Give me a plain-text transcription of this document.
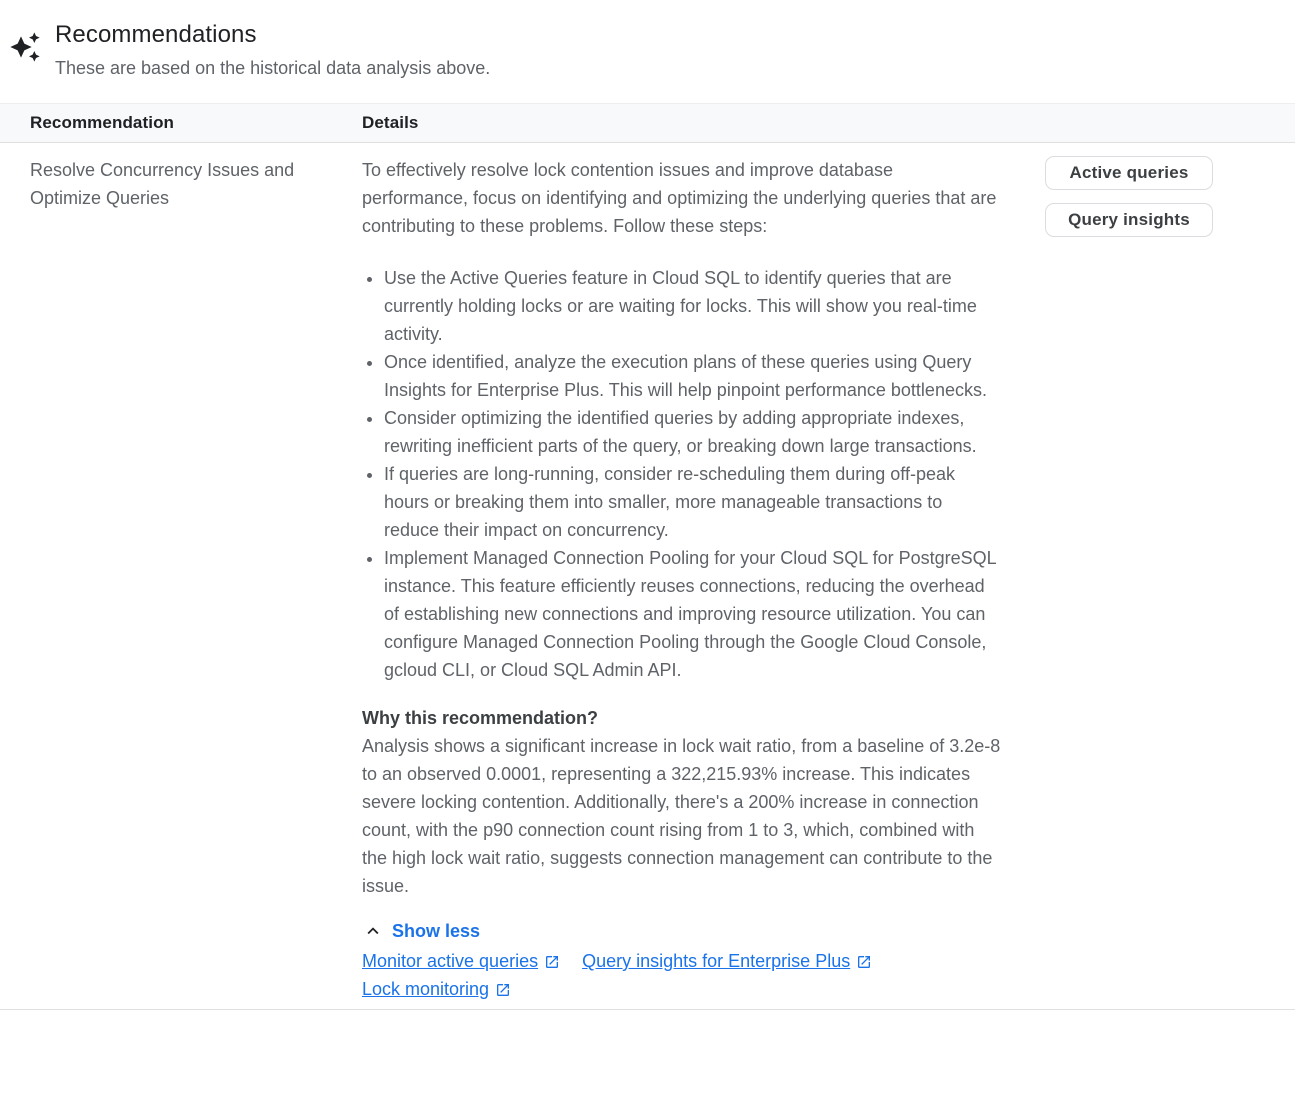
Recommendations

These are based on the historical data analysis above.

Recommendation	Details
Resolve Concurrency Issues and Optimize Queries

To effectively resolve lock contention issues and improve database performance, focus on identifying and optimizing the underlying queries that are contributing to these problems. Follow these steps:

• Use the Active Queries feature in Cloud SQL to identify queries that are currently holding locks or are waiting for locks. This will show you real-time activity.
• Once identified, analyze the execution plans of these queries using Query Insights for Enterprise Plus. This will help pinpoint performance bottlenecks.
• Consider optimizing the identified queries by adding appropriate indexes, rewriting inefficient parts of the query, or breaking down large transactions.
• If queries are long-running, consider re-scheduling them during off-peak hours or breaking them into smaller, more manageable transactions to reduce their impact on concurrency.
• Implement Managed Connection Pooling for your Cloud SQL for PostgreSQL instance. This feature efficiently reuses connections, reducing the overhead of establishing new connections and improving resource utilization. You can configure Managed Connection Pooling through the Google Cloud Console, gcloud CLI, or Cloud SQL Admin API.

Why this recommendation?

Analysis shows a significant increase in lock wait ratio, from a baseline of 3.2e-8 to an observed 0.0001, representing a 322,215.93% increase. This indicates severe locking contention. Additionally, there's a 200% increase in connection count, with the p90 connection count rising from 1 to 3, which, combined with the high lock wait ratio, suggests connection management can contribute to the issue.

Show less
Monitor active queries Query insights for Enterprise Plus
Lock monitoring
Active queries
Query insights
